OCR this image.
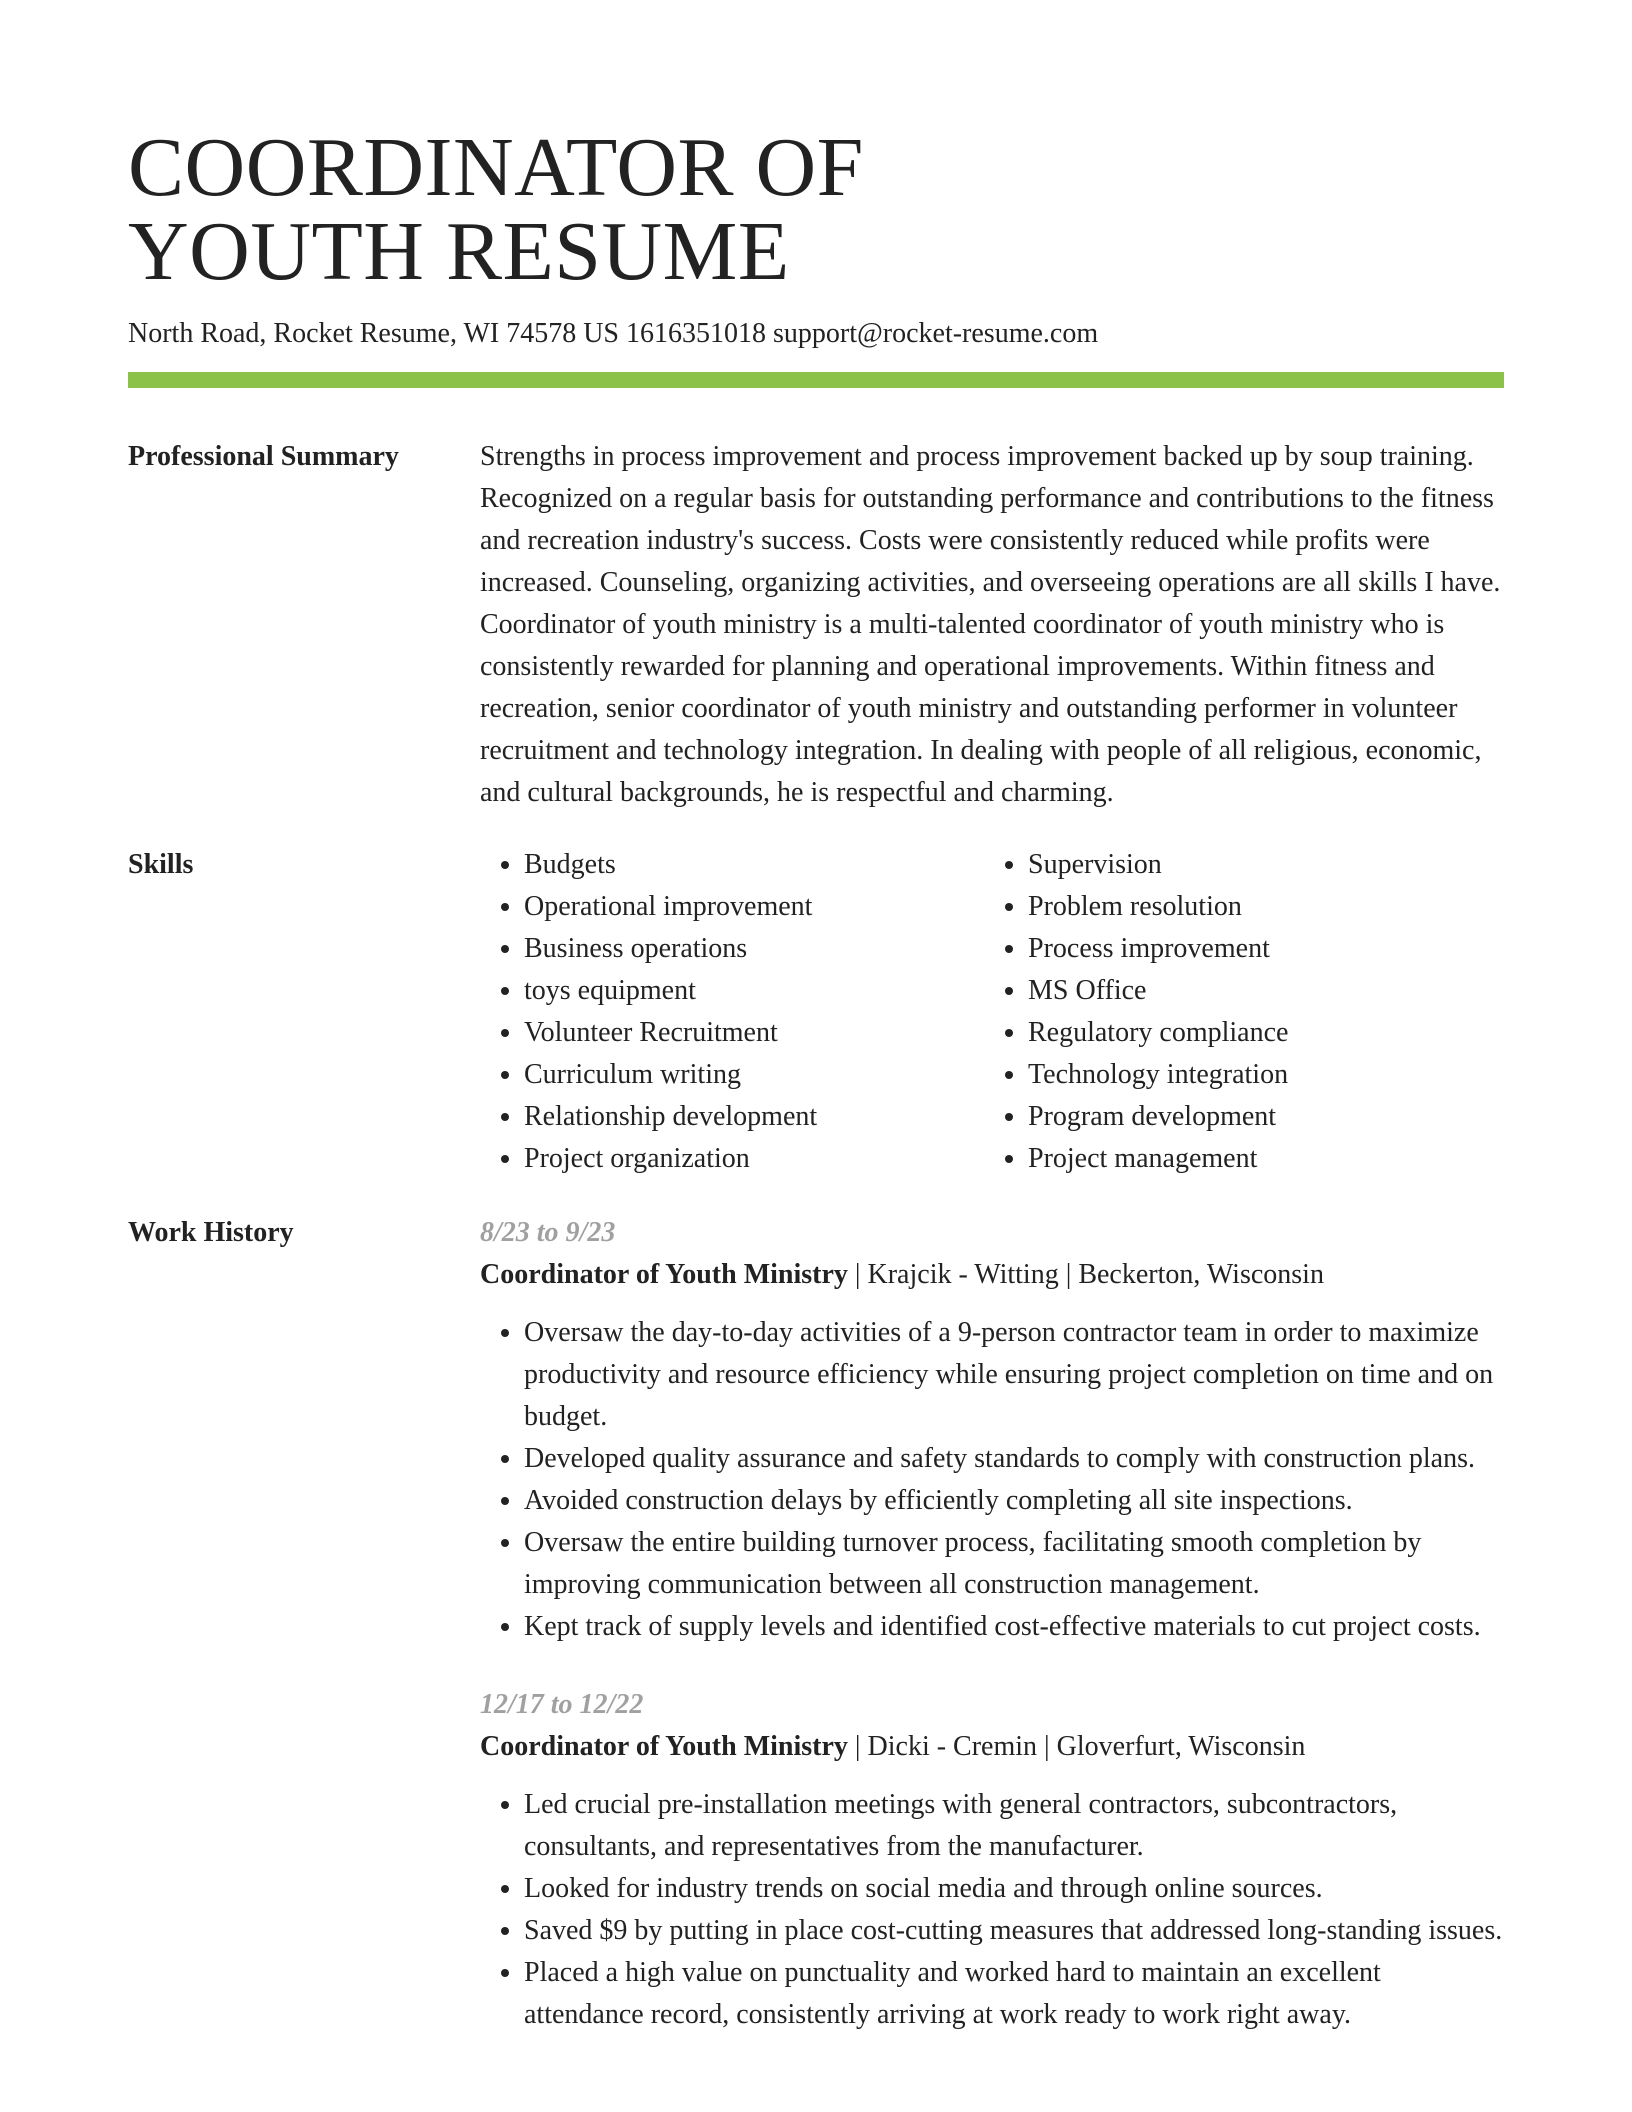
COORDINATOR OF
YOUTH RESUME
North Road, Rocket Resume, WI 74578 US 1616351018 support@rocket-resume.com
Professional Summary	Strengths in process improvement and process improvement backed up by soup training. Recognized on a regular basis for outstanding performance and contributions to the fitness and recreation industry's success. Costs were consistently reduced while profits were increased. Counseling, organizing activities, and overseeing operations are all skills I have. Coordinator of youth ministry is a multi-talented coordinator of youth ministry who is consistently rewarded for planning and operational improvements. Within fitness and recreation, senior coordinator of youth ministry and outstanding performer in volunteer recruitment and technology integration. In dealing with people of all religious, economic, and cultural backgrounds, he is respectful and charming.

Skills
•	Budgets
• Operational improvement
• Business operations
• toys equipment
• Volunteer Recruitment
• Curriculum writing
• Relationship development
• Project organization
• Supervision
• Problem resolution
• Process improvement
• MS Office
• Regulatory compliance
• Technology integration
• Program development
• Project management
Work History	8/23 to 9/23
Coordinator of Youth Ministry | Krajcik - Witting | Beckerton, Wisconsin
• Oversaw the day-to-day activities of a 9-person contractor team in order to maximize productivity and resource efficiency while ensuring project completion on time and on budget.
• Developed quality assurance and safety standards to comply with construction plans.
• Avoided construction delays by efficiently completing all site inspections.
• Oversaw the entire building turnover process, facilitating smooth completion by improving communication between all construction management.
• Kept track of supply levels and identified cost-effective materials to cut project costs.
12/17 to 12/22
Coordinator of Youth Ministry | Dicki - Cremin | Gloverfurt, Wisconsin
• Led crucial pre-installation meetings with general contractors, subcontractors, consultants, and representatives from the manufacturer.
• Looked for industry trends on social media and through online sources.
• Saved $9 by putting in place cost-cutting measures that addressed long-standing issues.
• Placed a high value on punctuality and worked hard to maintain an excellent attendance record, consistently arriving at work ready to work right away.
